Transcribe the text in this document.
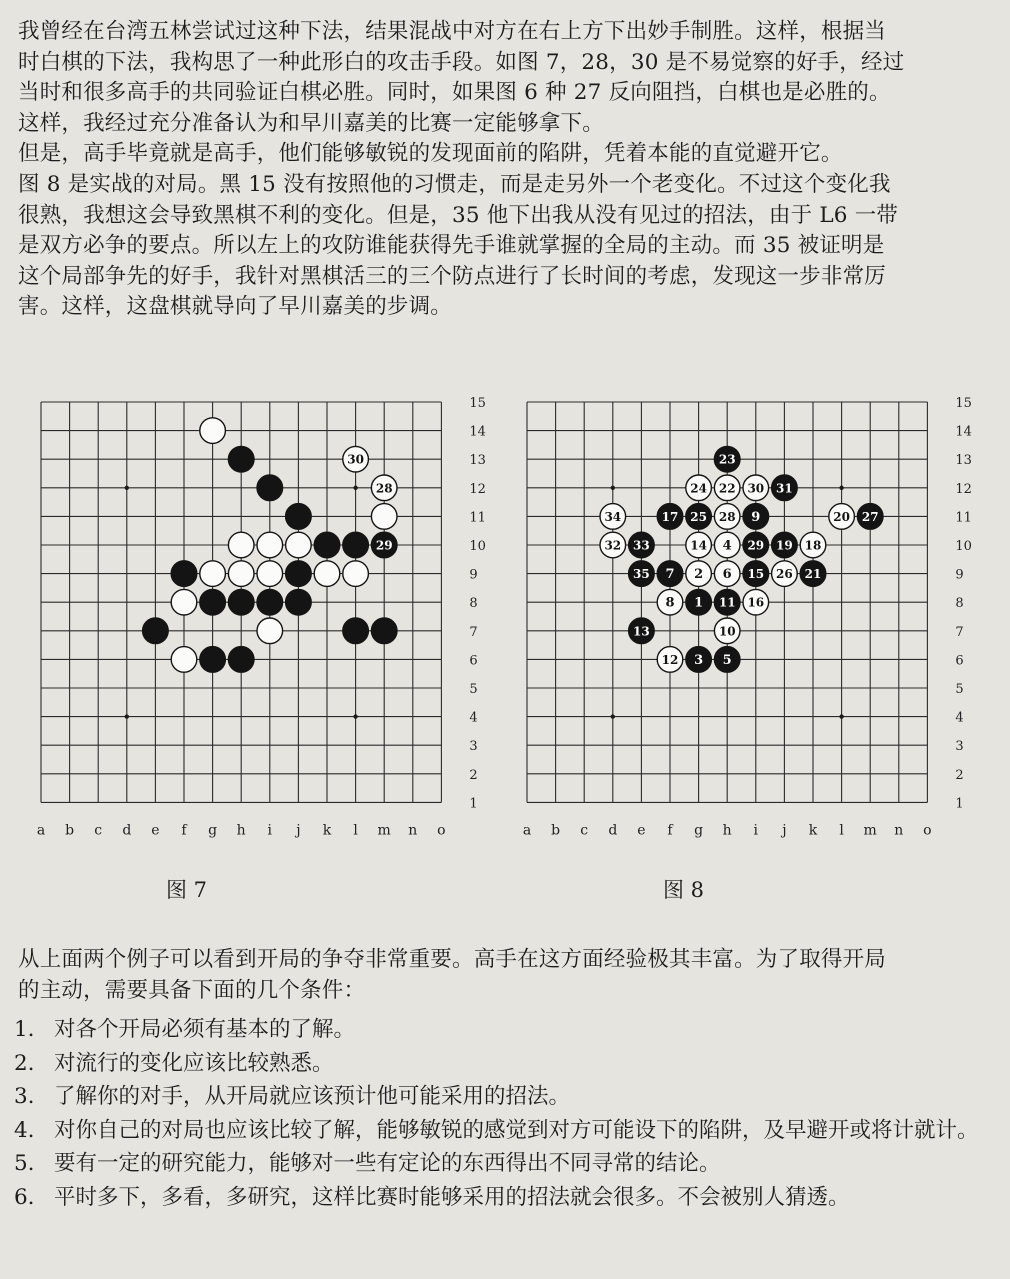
我曾经在台湾五林尝试过这种下法，结果混战中对方在右上方下出妙手制胜。这样，根据当

时白棋的下法，我构思了一种此形白的攻击手段。如图 7，28，30 是不易觉察的好手，经过

当时和很多高手的共同验证白棋必胜。同时，如果图 6 种 27 反向阻挡，白棋也是必胜的。

这样，我经过充分准备认为和早川嘉美的比赛一定能够拿下。

但是，高手毕竟就是高手，他们能够敏锐的发现面前的陷阱，凭着本能的直觉避开它。

图 8 是实战的对局。黑 15 没有按照他的习惯走，而是走另外一个老变化。不过这个变化我

很熟，我想这会导致黑棋不利的变化。但是，35 他下出我从没有见过的招法，由于 L6 一带

是双方必争的要点。所以左上的攻防谁能获得先手谁就掌握的全局的主动。而 35 被证明是

这个局部争先的好手，我针对黑棋活三的三个防点进行了长时间的考虑，发现这一步非常厉

害。这样，这盘棋就导向了早川嘉美的步调。

15
14
13
12
11
10
9
8
7
6
5
4
3
2
1
a b c d e f g h i j k l m n o
30
28
29
15
14
13
12
11
10
9
8
7
6
5
4
3
2
1
a b c d e f g h i j k l m n o
23
24 22 30 31
34	17 25 28 9	20 27
32 33	14 4 29 19 18
35 7 2 6 15 26 21
8 1 11 16
13	10
12 3 5
图 7	图 8

从上面两个例子可以看到开局的争夺非常重要。高手在这方面经验极其丰富。为了取得开局

的主动，需要具备下面的几个条件：

1. 对各个开局必须有基本的了解。
2. 对流行的变化应该比较熟悉。
3. 了解你的对手，从开局就应该预计他可能采用的招法。
4. 对你自己的对局也应该比较了解，能够敏锐的感觉到对方可能设下的陷阱，及早避开或将计就计。
5. 要有一定的研究能力，能够对一些有定论的东西得出不同寻常的结论。
6. 平时多下，多看，多研究，这样比赛时能够采用的招法就会很多。不会被别人猜透。
